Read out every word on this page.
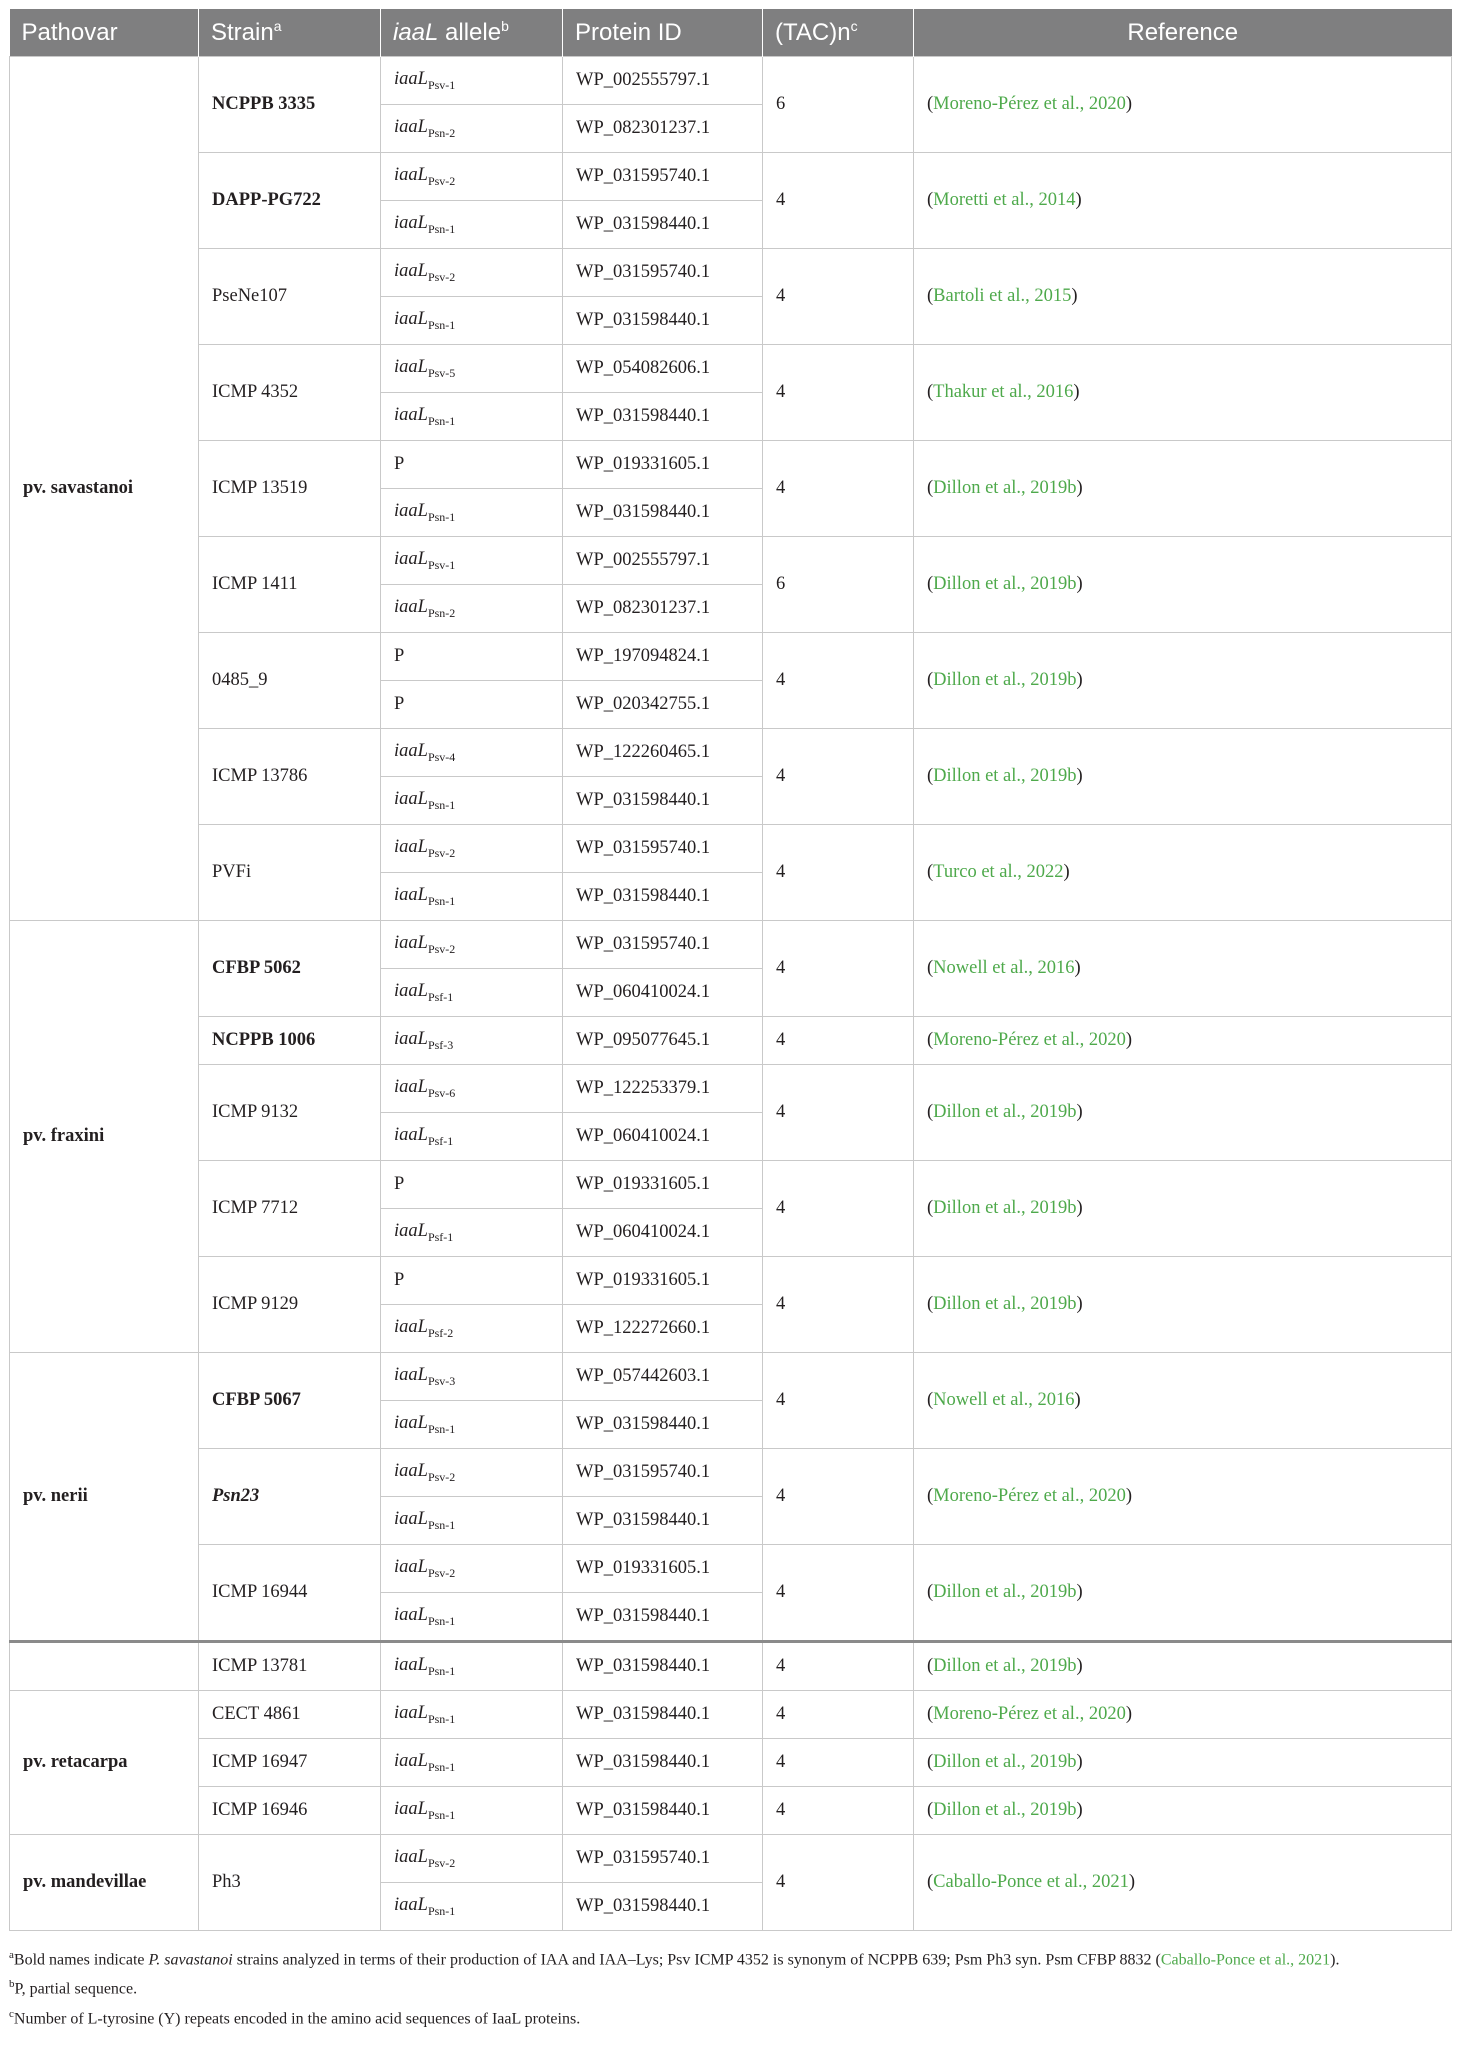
Pathovar	Strain$^a$	iaaL allele$^b$	Protein ID	$(TAC)n^c$	Reference
pv. savastanoi	NCPPB 3335	iaaL$_{Psv-1}$	WP_002555797.1	6	(Moreno-Pérez et al., 2020)
		iaaL$_{Psn-2}$	WP_082301237.1		
	DAPP-PG722	iaaL$_{Psv-2}$	WP_031595740.1	4	(Moretti et al., 2014)
		iaaL$_{Psn-1}$	WP_031598440.1		
	PseNe107	iaaL$_{Psv-2}$	WP_031595740.1	4	(Bartoli et al., 2015)
		iaaL$_{Psn-1}$	WP_031598440.1		
	ICMP 4352	iaaL$_{Psv-5}$	WP_054082606.1	4	(Thakur et al., 2016)
		iaaL$_{Psn-1}$	WP_031598440.1		
	ICMP 13519	P	WP_019331605.1	4	(Dillon et al., 2019b)
		iaaL$_{Psn-1}$	WP_031598440.1		
	ICMP 1411	iaaL$_{Psv-1}$	WP_002555797.1	6	(Dillon et al., 2019b)
		iaaL$_{Psn-2}$	WP_082301237.1		
	0485_9	P	WP_197094824.1	4	(Dillon et al., 2019b)
		P	WP_020342755.1		
	ICMP 13786	iaaL$_{Psv-4}$	WP_122260465.1	4	(Dillon et al., 2019b)
		iaaL$_{Psn-1}$	WP_031598440.1		
	PVFi	iaaL$_{Psv-2}$	WP_031595740.1	4	(Turco et al., 2022)
		iaaL$_{Psn-1}$	WP_031598440.1		
pv. fraxini	CFBP 5062	iaaL$_{Psv-2}$	WP_031595740.1	4	(Nowell et al., 2016)
		iaaL$_{Psf-1}$	WP_060410024.1		
	NCPPB 1006	iaaL$_{Psf-3}$	WP_095077645.1	4	(Moreno-Pérez et al., 2020)
	ICMP 9132	iaaL$_{Psv-6}$	WP_122253379.1	4	(Dillon et al., 2019b)
		iaaL$_{Psf-1}$	WP_060410024.1		
	ICMP 7712	P	WP_019331605.1	4	(Dillon et al., 2019b)
		iaaL$_{Psf-1}$	WP_060410024.1		
	ICMP 9129	P	WP_019331605.1	4	(Dillon et al., 2019b)
		iaaL$_{Psf-2}$	WP_122272660.1		
pv. nerii	CFBP 5067	iaaL$_{Psv-3}$	WP_057442603.1	4	(Nowell et al., 2016)
		iaaL$_{Psn-1}$	WP_031598440.1		
	Psn23	iaaL$_{Psv-2}$	WP_031595740.1	4	(Moreno-Pérez et al., 2020)
		iaaL$_{Psn-1}$	WP_031598440.1		
	ICMP 16944	iaaL$_{Psv-2}$	WP_019331605.1	4	(Dillon et al., 2019b)
		iaaL$_{Psn-1}$	WP_031598440.1		
	ICMP 13781	iaaL$_{Psn-1}$	WP_031598440.1	4	(Dillon et al., 2019b)
pv. retacarpa	CECT 4861	iaaL$_{Psn-1}$	WP_031598440.1	4	(Moreno-Pérez et al., 2020)
	ICMP 16947	iaaL$_{Psn-1}$	WP_031598440.1	4	(Dillon et al., 2019b)
	ICMP 16946	iaaL$_{Psn-1}$	WP_031598440.1	4	(Dillon et al., 2019b)
pv. mandevillae	Ph3	iaaL$_{Psv-2}$	WP_031595740.1	4	(Caballo-Ponce et al., 2021)
		iaaL$_{Psn-1}$	WP_031598440.1		
$^a$Bold names indicate P. savastanoi strains analyzed in terms of their production of IAA and IAA–Lys; Psv ICMP 4352 is synonym of NCPPB 639; Psm Ph3 syn. Psm CFBP 8832 (Caballo-Ponce et al., 2021).
$^b$P, partial sequence.
$^c$Number of L-tyrosine (Y) repeats encoded in the amino acid sequences of IaaL proteins.
